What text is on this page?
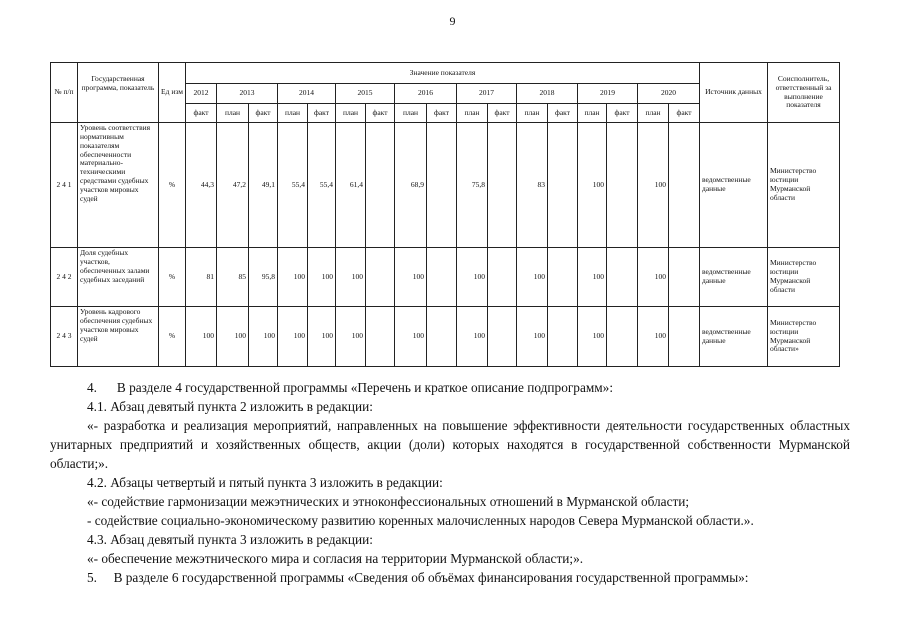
9
№ п/п	Государственная программа, показатель	Ед изм	Значение показателя																	Источник данных	Соисполнитель, ответственный за выполнение показателя
			2012	2013		2014		2015		2016		2017		2018		2019		2020			
			факт	план	факт	план	факт	план	факт	план	факт	план	факт	план	факт	план	факт	план	факт		
2 4 1	Уровень соответствия нормативным показателям обеспеченности материально-техническими средствами судебных участков мировых судей	%	44,3	47,2	49,1	55,4	55,4	61,4		68,9		75,8		83		100		100		ведомственные данные	Министерство юстиции Мурманской области
2 4 2	Доля судебных участков, обеспеченных залами судебных заседаний	%	81	85	95,8	100	100	100		100		100		100		100		100		ведомственные данные	Министерство юстиции Мурманской области
2 4 3	Уровень кадрового обеспечения судебных участков мировых судей	%	100	100	100	100	100	100		100		100		100		100		100		ведомственные данные	Министерство юстиции Мурманской области»

4.      В разделе 4 государственной программы «Перечень и краткое описание подпрограмм»:

4.1. Абзац девятый пункта 2 изложить в редакции:

«- разработка и реализация мероприятий, направленных на повышение эффективности деятельности государственных областных унитарных предприятий и хозяйственных обществ, акции (доли) которых находятся в государственной собственности Мурманской области;».

4.2. Абзацы четвертый и пятый пункта 3 изложить в редакции:

«- содействие гармонизации межэтнических и этноконфессиональных отношений в Мурманской области;

- содействие социально-экономическому развитию коренных малочисленных народов Севера Мурманской области.».

4.3. Абзац девятый пункта 3 изложить в редакции:

«- обеспечение межэтнического мира и согласия на территории Мурманской области;».

5.     В разделе 6 государственной программы «Сведения об объёмах финансирования государственной программы»:
